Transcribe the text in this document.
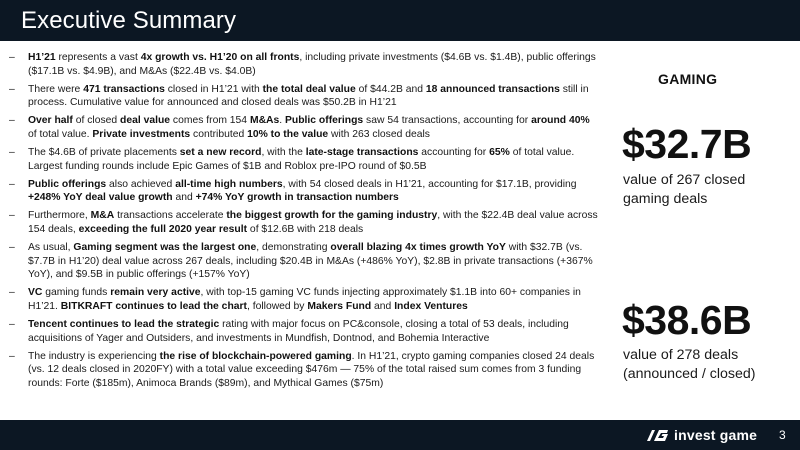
Executive Summary
–	H1’21 represents a vast 4x growth vs. H1’20 on all fronts, including private investments ($4.6B vs. $1.4B), public offerings ($17.1B vs. $4.9B), and M&As ($22.4B vs. $4.0B)
–	There were 471 transactions closed in H1’21 with the total deal value of $44.2B and 18 announced transactions still in process. Cumulative value for announced and closed deals was $50.2B in H1’21
–	Over half of closed deal value comes from 154 M&As. Public offerings saw 54 transactions, accounting for around 40% of total value. Private investments contributed 10% to the value with 263 closed deals
–	The $4.6B of private placements set a new record, with the late-stage transactions accounting for 65% of total value. Largest funding rounds include Epic Games of $1B and Roblox pre-IPO round of $0.5B
–	Public offerings also achieved all-time high numbers, with 54 closed deals in H1’21, accounting for $17.1B, providing +248% YoY deal value growth and +74% YoY growth in transaction numbers
–	Furthermore, M&A transactions accelerate the biggest growth for the gaming industry, with the $22.4B deal value across 154 deals, exceeding the full 2020 year result of $12.6B with 218 deals
–	As usual, Gaming segment was the largest one, demonstrating overall blazing 4x times growth YoY with $32.7B (vs. $7.7B in H1’20) deal value across 267 deals, including $20.4B in M&As (+486% YoY), $2.8B in private transactions (+367% YoY), and $9.5B in public offerings (+157% YoY)
–	VC gaming funds remain very active, with top-15 gaming VC funds injecting approximately $1.1B into 60+ companies in H1’21. BITKRAFT continues to lead the chart, followed by Makers Fund and Index Ventures
–	Tencent continues to lead the strategic rating with major focus on PC&console, closing a total of 53 deals, including acquisitions of Yager and Outsiders, and investments in Mundfish, Dontnod, and Bohemia Interactive
–	The industry is experiencing the rise of blockchain-powered gaming. In H1’21, crypto gaming companies closed 24 deals (vs. 12 deals closed in 2020FY) with a total value exceeding $476m — 75% of the total raised sum comes from 3 funding rounds: Forte ($185m), Animoca Brands ($89m), and Mythical Games ($75m)
GAMING
$32.7B
value of 267 closed gaming deals
$38.6B
value of 278 deals (announced / closed)
invest game 3
